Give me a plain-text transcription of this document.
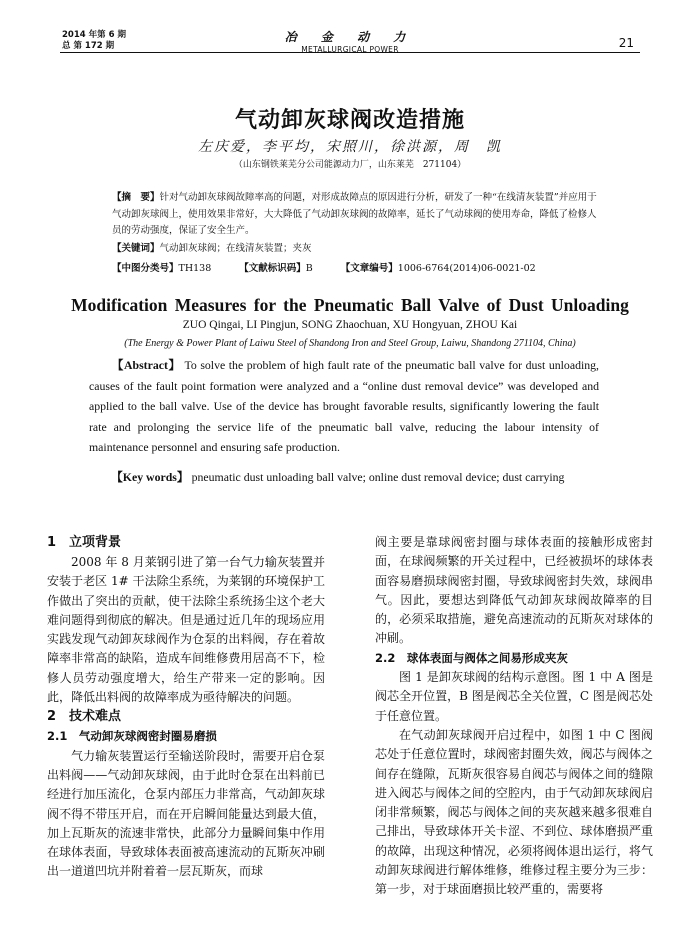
2014 年第 6 期
总 第 172 期
冶 金 动 力
METALLURGICAL POWER	21
气动卸灰球阀改造措施
左庆爱，李平均，宋照川，徐洪源，周　凯
（山东钢铁莱芜分公司能源动力厂，山东莱芜　271104）
【摘　要】针对气动卸灰球阀故障率高的问题，对形成故障点的原因进行分析，研发了一种“在线清灰装置”并应用于气动卸灰球阀上，使用效果非常好，大大降低了气动卸灰球阀的故障率，延长了气动球阀的使用寿命，降低了检修人员的劳动强度，保证了安全生产。
【关键词】气动卸灰球阀；在线清灰装置；夹灰
【中图分类号】TH138	【文献标识码】B	【文章编号】1006-6764(2014)06-0021-02
Modification Measures for the Pneumatic Ball Valve of Dust Unloading
ZUO Qingai, LI Pingjun, SONG Zhaochuan, XU Hongyuan, ZHOU Kai
(The Energy & Power Plant of Laiwu Steel of Shandong Iron and Steel Group, Laiwu, Shandong 271104, China)
【Abstract】 To solve the problem of high fault rate of the pneumatic ball valve for dust unloading, causes of the fault point formation were analyzed and a “online dust removal device” was developed and applied to the ball valve. Use of the device has brought favorable results, significantly lowering the fault rate and prolonging the service life of the pneumatic ball valve, reducing the labour intensity of maintenance personnel and ensuring safe production.
【Key words】 pneumatic dust unloading ball valve; online dust removal device; dust carrying
1　立项背景

2008 年 8 月莱钢引进了第一台气力输灰装置并安装于老区 1# 干法除尘系统，为莱钢的环境保护工作做出了突出的贡献，使干法除尘系统扬尘这个老大难问题得到彻底的解决。但是通过近几年的现场应用实践发现气动卸灰球阀作为仓泵的出料阀，存在着故障率非常高的缺陷，造成车间维修费用居高不下，检修人员劳动强度增大，给生产带来一定的影响。因此，降低出料阀的故障率成为亟待解决的问题。

2　技术难点
2.1　气动卸灰球阀密封圈易磨损

气力输灰装置运行至输送阶段时，需要开启仓泵出料阀——气动卸灰球阀，由于此时仓泵在出料前已经进行加压流化，仓泵内部压力非常高，气动卸灰球阀不得不带压开启，而在开启瞬间能量达到最大值，加上瓦斯灰的流速非常快，此部分力量瞬间集中作用在球体表面，导致球体表面被高速流动的瓦斯灰冲刷出一道道凹坑并附着着一层瓦斯灰，而球

阀主要是靠球阀密封圈与球体表面的接触形成密封面，在球阀频繁的开关过程中，已经被损坏的球体表面容易磨损球阀密封圈，导致球阀密封失效，球阀串气。因此，要想达到降低气动卸灰球阀故障率的目的，必须采取措施，避免高速流动的瓦斯灰对球体的冲刷。

2.2　球体表面与阀体之间易形成夹灰

图 1 是卸灰球阀的结构示意图。图 1 中 A 图是阀芯全开位置，B 图是阀芯全关位置，C 图是阀芯处于任意位置。

在气动卸灰球阀开启过程中，如图 1 中 C 图阀芯处于任意位置时，球阀密封圈失效，阀芯与阀体之间存在缝隙，瓦斯灰很容易自阀芯与阀体之间的缝隙进入阀芯与阀体之间的空腔内，由于气动卸灰球阀启闭非常频繁，阀芯与阀体之间的夹灰越来越多很难自己排出，导致球体开关卡涩、不到位、球体磨损严重的故障，出现这种情况，必须将阀体退出运行，将气动卸灰球阀进行解体维修，维修过程主要分为三步：第一步，对于球面磨损比较严重的，需要将
